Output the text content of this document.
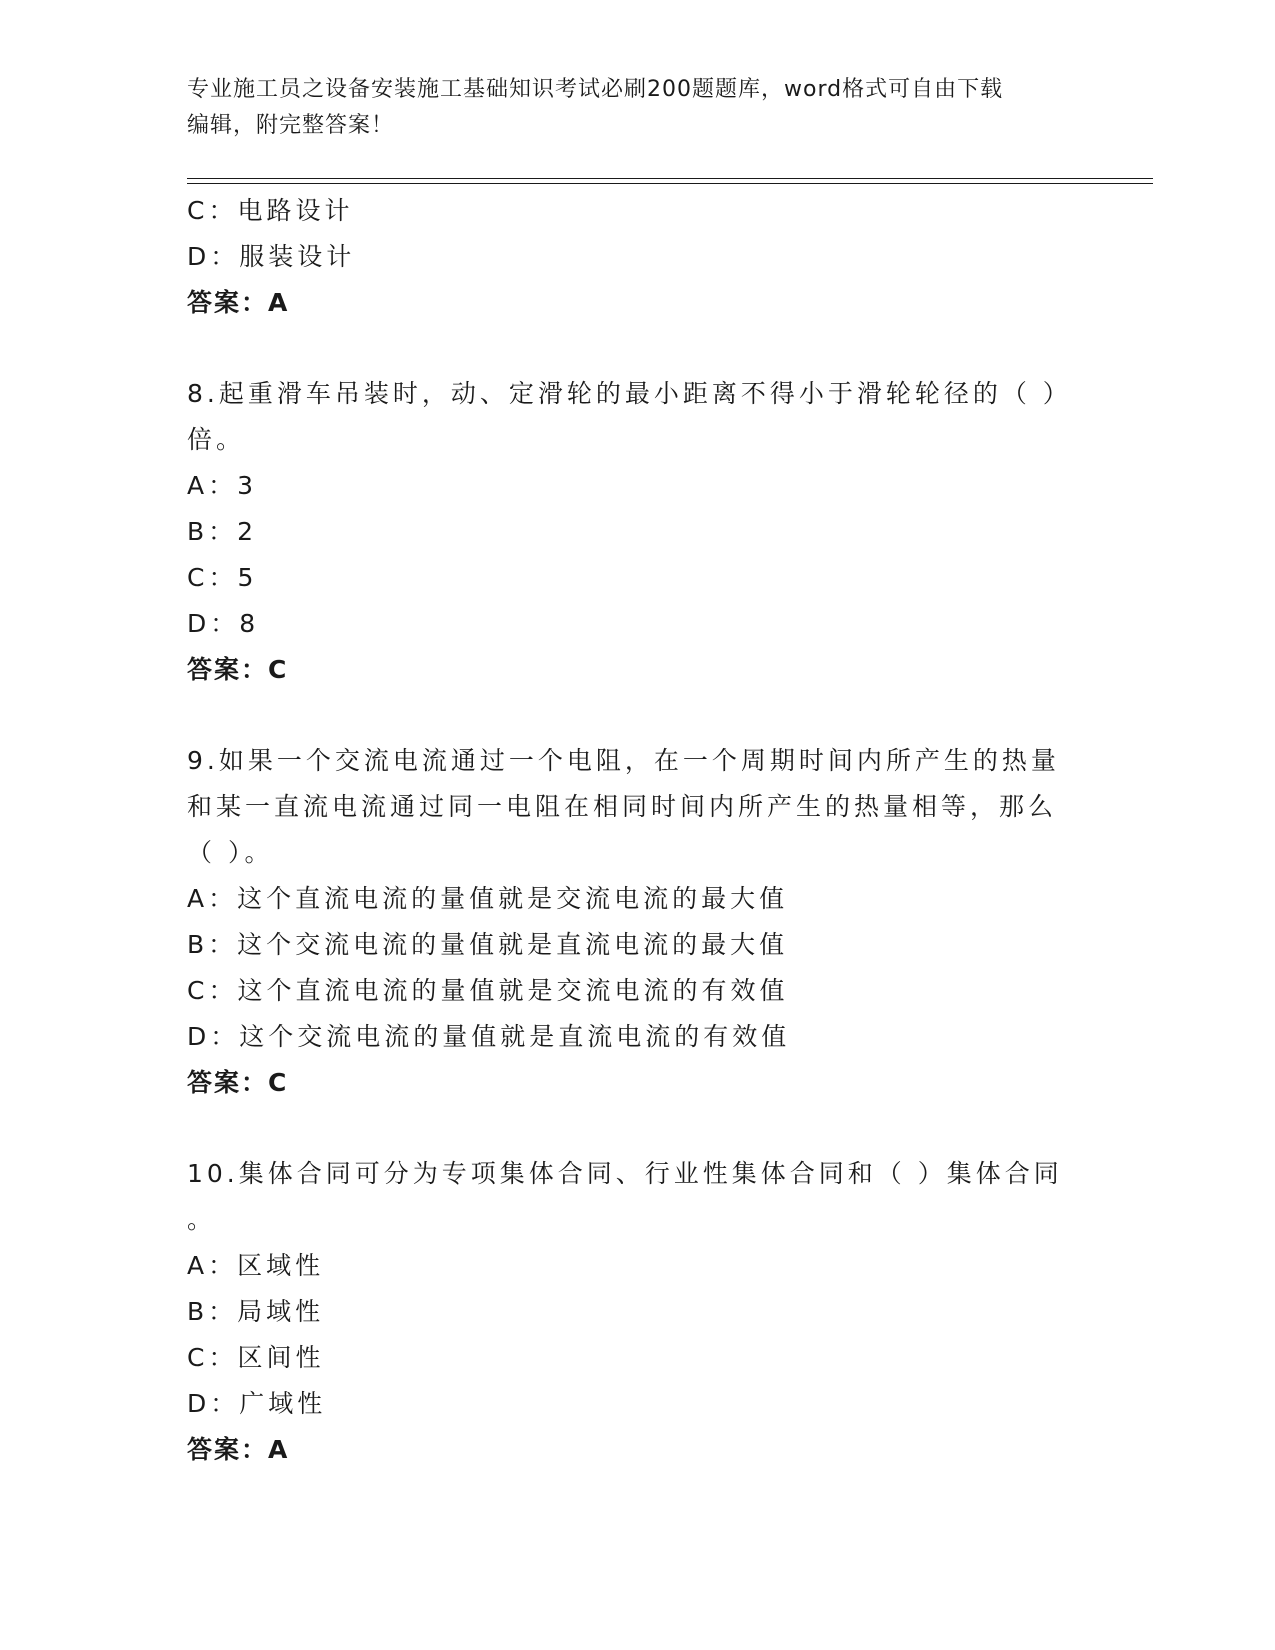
专业施工员之设备安装施工基础知识考试必刷200题题库，word格式可自由下载
编辑，附完整答案！
C：电路设计
D：服装设计
答案：A
8.起重滑车吊装时，动、定滑轮的最小距离不得小于滑轮轮径的（ ）
倍。
A：3
B：2
C：5
D：8
答案：C
9.如果一个交流电流通过一个电阻，在一个周期时间内所产生的热量
和某一直流电流通过同一电阻在相同时间内所产生的热量相等，那么
（ ）。
A：这个直流电流的量值就是交流电流的最大值
B：这个交流电流的量值就是直流电流的最大值
C：这个直流电流的量值就是交流电流的有效值
D：这个交流电流的量值就是直流电流的有效值
答案：C
10.集体合同可分为专项集体合同、行业性集体合同和（ ）集体合同
。
A：区域性
B：局域性
C：区间性
D：广域性
答案：A
